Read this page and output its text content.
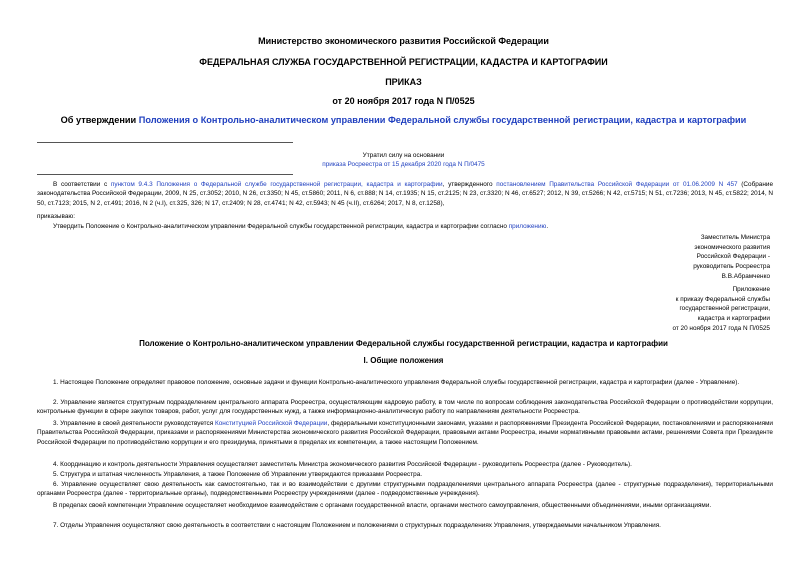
Министерство экономического развития Российской Федерации
ФЕДЕРАЛЬНАЯ СЛУЖБА ГОСУДАРСТВЕННОЙ РЕГИСТРАЦИИ, КАДАСТРА И КАРТОГРАФИИ
ПРИКАЗ
от 20 ноября 2017 года N П/0525
Об утверждении Положения о Контрольно-аналитическом управлении Федеральной службы государственной регистрации, кадастра и картографии
Утратил силу на основании
приказа Росреестра от 15 декабря 2020 года N П/0475
В соответствии с пунктом 9.4.3 Положения о Федеральной службе государственной регистрации, кадастра и картографии, утвержденного постановлением Правительства Российской Федерации от 01.06.2009 N 457 (Собрание законодательства Российской Федерации, 2009, N 25, ст.3052; 2010, N 26, ст.3350; N 45, ст.5860; 2011, N 6, ст.888; N 14, ст.1935; N 15, ст.2125; N 23, ст.3320; N 46, ст.6527; 2012, N 39, ст.5266; N 42, ст.5715; N 51, ст.7236; 2013, N 45, ст.5822; 2014, N 50, ст.7123; 2015, N 2, ст.491; 2016, N 2 (ч.I), ст.325, 326; N 17, ст.2409; N 28, ст.4741; N 42, ст.5943; N 45 (ч.II), ст.6264; 2017, N 8, ст.1258),
приказываю:
Утвердить Положение о Контрольно-аналитическом управлении Федеральной службы государственной регистрации, кадастра и картографии согласно приложению.
Заместитель Министра
экономического развития
Российской Федерации -
руководитель Росреестра
В.В.Абрамченко
Приложение
к приказу Федеральной службы
государственной регистрации,
кадастра и картографии
от 20 ноября 2017 года N П/0525
Положение о Контрольно-аналитическом управлении Федеральной службы государственной регистрации, кадастра и картографии
I. Общие положения
1. Настоящее Положение определяет правовое положение, основные задачи и функции Контрольно-аналитического управления Федеральной службы государственной регистрации, кадастра и картографии (далее - Управление).
2. Управление является структурным подразделением центрального аппарата Росреестра, осуществляющим кадровую работу, в том числе по вопросам соблюдения законодательства Российской Федерации о противодействии коррупции, контрольные функции в сфере закупок товаров, работ, услуг для государственных нужд, а также информационно-аналитическую работу по направлениям деятельности Росреестра.
3. Управление в своей деятельности руководствуется Конституцией Российской Федерации, федеральными конституционными законами, указами и распоряжениями Президента Российской Федерации, постановлениями и распоряжениями Правительства Российской Федерации, приказами и распоряжениями Министерства экономического развития Российской Федерации, правовыми актами Росреестра, иными нормативными правовыми актами, решениями Совета при Президенте Российской Федерации по противодействию коррупции и его президиума, принятыми в пределах их компетенции, а также настоящим Положением.
4. Координацию и контроль деятельности Управления осуществляет заместитель Министра экономического развития Российской Федерации - руководитель Росреестра (далее - Руководитель).
5. Структура и штатная численность Управления, а также Положение об Управлении утверждаются приказами Росреестра.
6. Управление осуществляет свою деятельность как самостоятельно, так и во взаимодействии с другими структурными подразделениями центрального аппарата Росреестра (далее - структурные подразделения), территориальными органами Росреестра (далее - территориальные органы), подведомственными Росреестру учреждениями (далее - подведомственные учреждения).
В пределах своей компетенции Управление осуществляет необходимое взаимодействие с органами государственной власти, органами местного самоуправления, общественными объединениями, иными организациями.
7. Отделы Управления осуществляют свою деятельность в соответствии с настоящим Положением и положениями о структурных подразделениях Управления, утверждаемыми начальником Управления.
